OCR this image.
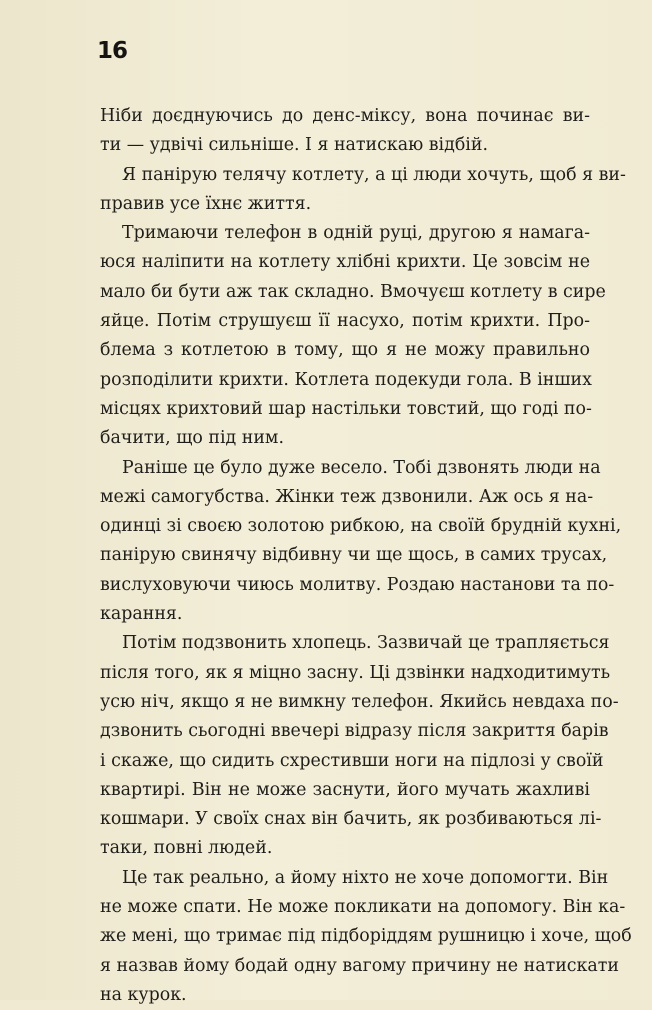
16
Ніби доєднуючись до денс-міксу, вона починає ви-
ти — удвічі сильніше. І я натискаю відбій.
Я панірую телячу котлету, а ці люди хочуть, щоб я ви-
правив усе їхнє життя.
Тримаючи телефон в одній руці, другою я намага-
юся наліпити на котлету хлібні крихти. Це зовсім не
мало би бути аж так складно. Вмочуєш котлету в сире
яйце. Потім струшуєш її насухо, потім крихти. Про-
блема з котлетою в тому, що я не можу правильно
розподілити крихти. Котлета подекуди гола. В інших
місцях крихтовий шар настільки товстий, що годі по-
бачити, що під ним.
Раніше це було дуже весело. Тобі дзвонять люди на
межі самогубства. Жінки теж дзвонили. Аж ось я на-
одинці зі своєю золотою рибкою, на своїй брудній кухні,
панірую свинячу відбивну чи ще щось, в самих трусах,
вислуховуючи чиюсь молитву. Роздаю настанови та по-
карання.
Потім подзвонить хлопець. Зазвичай це трапляється
після того, як я міцно засну. Ці дзвінки надходитимуть
усю ніч, якщо я не вимкну телефон. Якийсь невдаха по-
дзвонить сьогодні ввечері відразу після закриття барів
і скаже, що сидить схрестивши ноги на підлозі у своїй
квартирі. Він не може заснути, його мучать жахливі
кошмари. У своїх снах він бачить, як розбиваються лі-
таки, повні людей.
Це так реально, а йому ніхто не хоче допомогти. Він
не може спати. Не може покликати на допомогу. Він ка-
же мені, що тримає під підборіддям рушницю і хоче, щоб
я назвав йому бодай одну вагому причину не натискати
на курок.
